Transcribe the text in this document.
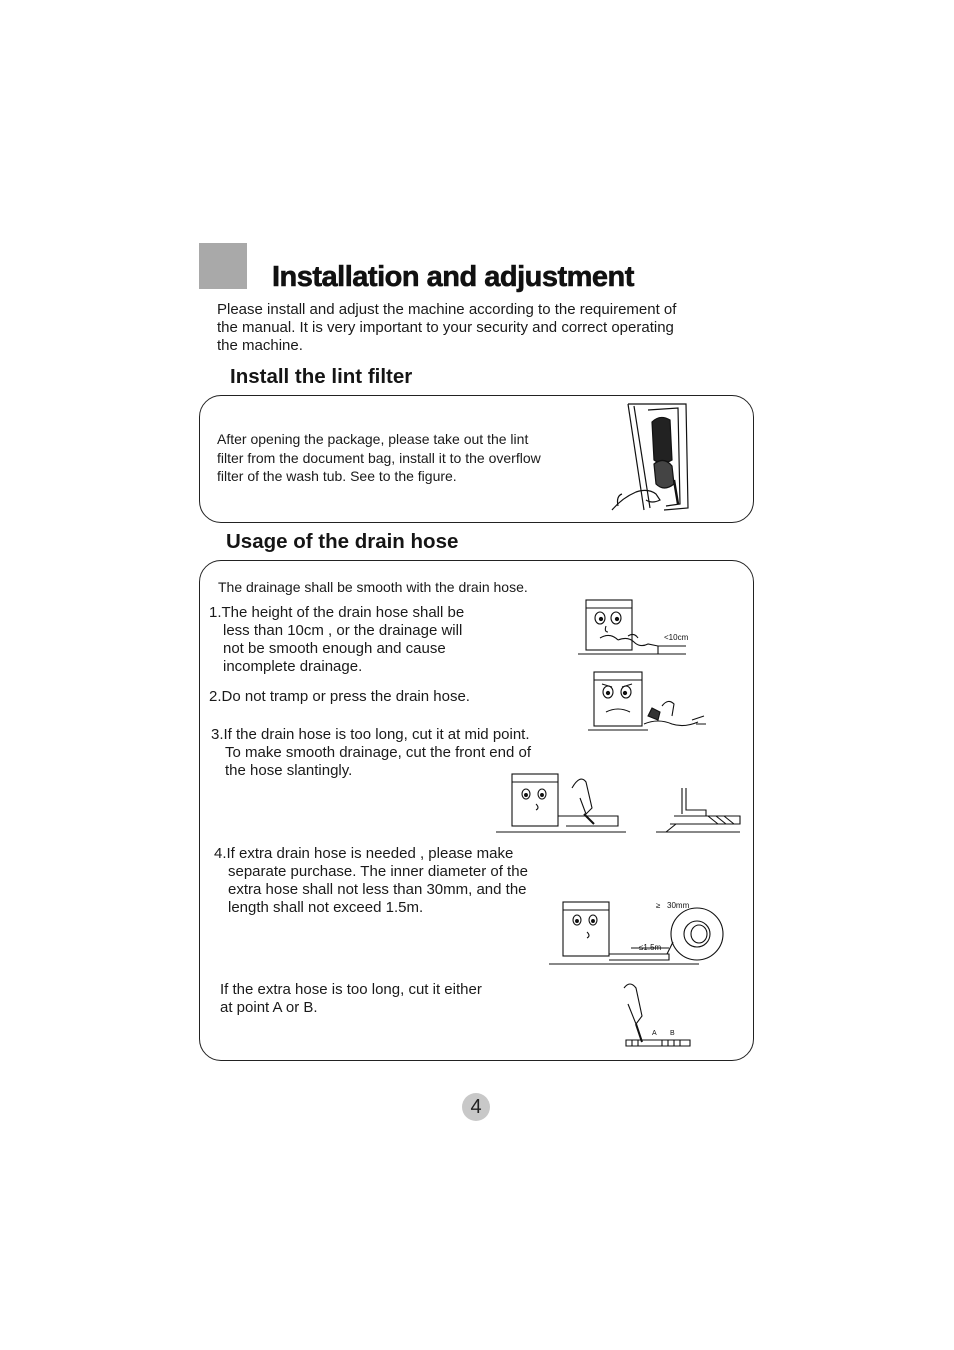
Installation and adjustment

Please install and adjust the machine according to the requirement of

the manual. It is very important to your security and correct operating

the machine.

Install the lint filter

After opening the package, please take out the lint

filter from the document bag, install it to the overflow

filter of the wash tub. See to the figure.

Usage of the drain hose

The drainage shall be smooth with the drain hose.

1.The height of the drain hose shall be

less than 10cm , or the drainage will

not be smooth enough and cause

incomplete drainage.

2.Do not tramp or press the drain hose.

3.If the drain hose is too long, cut it at mid point.

To make smooth drainage, cut the front end of

the hose slantingly.

4.If extra drain hose is needed , please make

separate purchase. The inner diameter of the

extra hose shall not less than 30mm, and the

length shall not exceed 1.5m.

If the extra hose is too long, cut it either

at point A or B.

<10cm
≥ 30mm
≤1.5m
A B
4
